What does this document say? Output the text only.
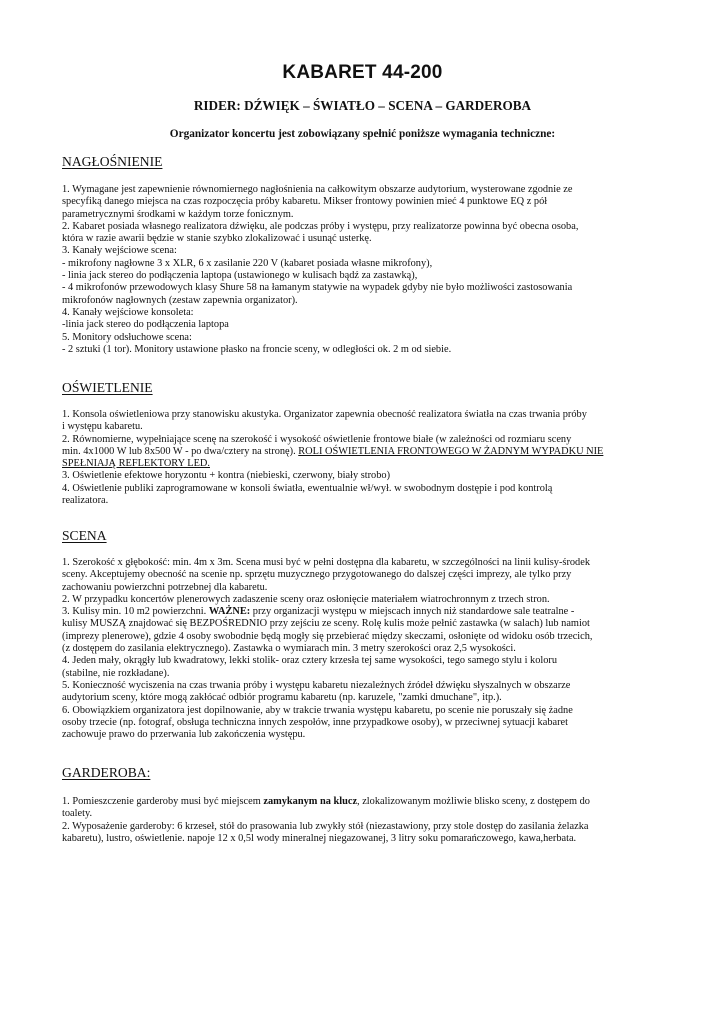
KABARET 44-200
RIDER: DŹWIĘK – ŚWIATŁO – SCENA – GARDEROBA
Organizator koncertu jest zobowiązany spełnić poniższe wymagania techniczne:
NAGŁOŚNIENIE
1. Wymagane jest zapewnienie równomiernego nagłośnienia na całkowitym obszarze audytorium, wysterowane zgodnie ze
specyfiką danego miejsca na czas rozpoczęcia próby kabaretu. Mikser frontowy powinien mieć 4 punktowe EQ z pół
parametrycznymi środkami w każdym torze fonicznym.
2. Kabaret posiada własnego realizatora dźwięku, ale podczas próby i występu, przy realizatorze powinna być obecna osoba,
która w razie awarii będzie w stanie szybko zlokalizować i usunąć usterkę.
3. Kanały wejściowe scena:
- mikrofony nagłowne 3 x XLR, 6 x zasilanie 220 V (kabaret posiada własne mikrofony),
- linia jack stereo do podłączenia laptopa (ustawionego w kulisach bądź za zastawką),
- 4 mikrofonów przewodowych klasy Shure 58 na łamanym statywie na wypadek gdyby nie było możliwości zastosowania
mikrofonów nagłownych (zestaw zapewnia organizator).
4. Kanały wejściowe konsoleta:
-linia jack stereo do podłączenia laptopa
5. Monitory odsłuchowe scena:
- 2 sztuki (1 tor). Monitory ustawione płasko na froncie sceny, w odległości ok. 2 m od siebie.
OŚWIETLENIE
1. Konsola oświetleniowa przy stanowisku akustyka. Organizator zapewnia obecność realizatora światła na czas trwania próby
i występu kabaretu.
2. Równomierne, wypełniające scenę na szerokość i wysokość oświetlenie frontowe białe (w zależności od rozmiaru sceny
min. 4x1000 W lub 8x500 W - po dwa/cztery na stronę). ROLI OŚWIETLENIA FRONTOWEGO W ŻADNYM WYPADKU NIE
SPEŁNIAJĄ REFLEKTORY LED.
3. Oświetlenie efektowe horyzontu + kontra (niebieski, czerwony, biały strobo)
4. Oświetlenie publiki zaprogramowane w konsoli światła, ewentualnie wł/wył. w swobodnym dostępie i pod kontrolą
realizatora.
SCENA
1. Szerokość x głębokość: min. 4m x 3m. Scena musi być w pełni dostępna dla kabaretu, w szczególności na linii kulisy-środek
sceny. Akceptujemy obecność na scenie np. sprzętu muzycznego przygotowanego do dalszej części imprezy, ale tylko przy
zachowaniu powierzchni potrzebnej dla kabaretu.
2. W przypadku koncertów plenerowych zadaszenie sceny oraz osłonięcie materiałem wiatrochronnym z trzech stron.
3. Kulisy min. 10 m2 powierzchni. WAŻNE: przy organizacji występu w miejscach innych niż standardowe sale teatralne -
kulisy MUSZĄ znajdować się BEZPOŚREDNIO przy zejściu ze sceny. Rolę kulis może pełnić zastawka (w salach) lub namiot
(imprezy plenerowe), gdzie 4 osoby swobodnie będą mogły się przebierać między skeczami, osłonięte od widoku osób trzecich,
(z dostępem do zasilania elektrycznego). Zastawka o wymiarach min. 3 metry szerokości oraz 2,5 wysokości.
4. Jeden mały, okrągły lub kwadratowy, lekki stolik- oraz cztery krzesła tej same wysokości, tego samego stylu i koloru
(stabilne, nie rozkładane).
5. Konieczność wyciszenia na czas trwania próby i występu kabaretu niezależnych źródeł dźwięku słyszalnych w obszarze
audytorium sceny, które mogą zakłócać odbiór programu kabaretu (np. karuzele, "zamki dmuchane", itp.).
6. Obowiązkiem organizatora jest dopilnowanie, aby w trakcie trwania występu kabaretu, po scenie nie poruszały się żadne
osoby trzecie (np. fotograf, obsługa techniczna innych zespołów, inne przypadkowe osoby), w przeciwnej sytuacji kabaret
zachowuje prawo do przerwania lub zakończenia występu.
GARDEROBA:
1. Pomieszczenie garderoby musi być miejscem zamykanym na klucz, zlokalizowanym możliwie blisko sceny, z dostępem do
toalety.
2. Wyposażenie garderoby: 6 krzeseł, stół do prasowania lub zwykły stół (niezastawiony, przy stole dostęp do zasilania żelazka
kabaretu), lustro, oświetlenie. napoje 12 x 0,5l wody mineralnej niegazowanej, 3 litry soku pomarańczowego, kawa,herbata.
